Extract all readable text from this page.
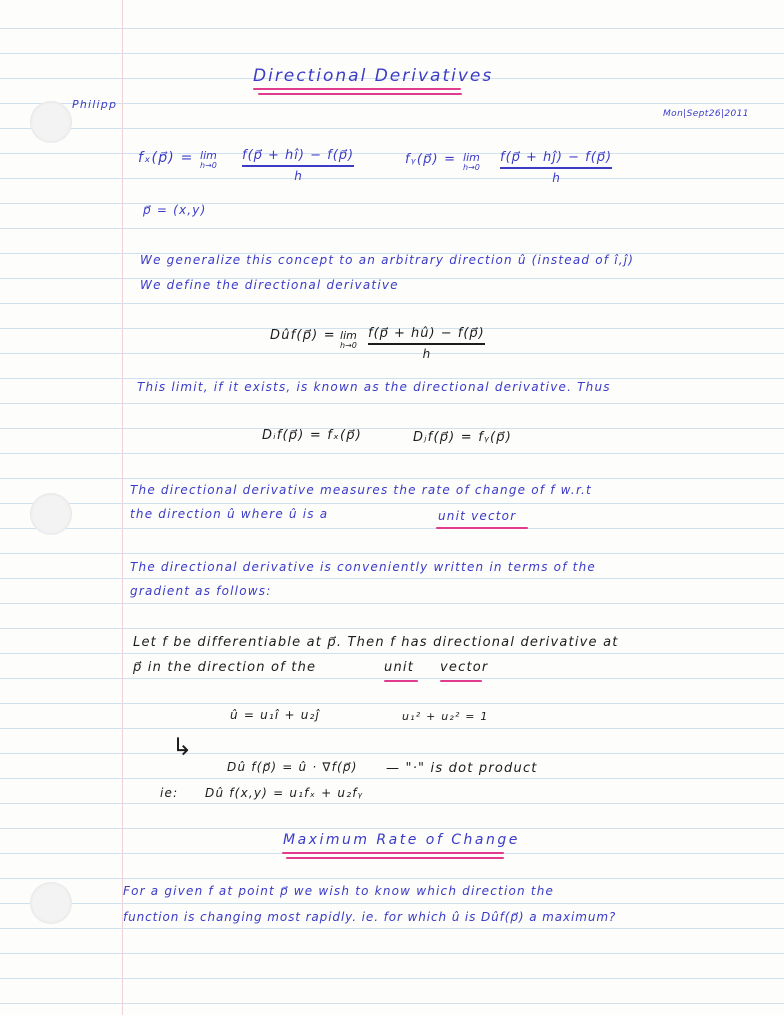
Directional Derivatives
Philipp
Mon|Sept26|2011
fₓ(p⃗) = lim
h→0
f(p⃗ + hî) − f(p⃗)
h
fᵧ(p⃗) = lim
h→0
f(p⃗ + hĵ) − f(p⃗)
h
p⃗ = (x,y)
We generalize this concept to an arbitrary direction û (instead of î,ĵ)
We define the directional derivative
Dûf(p⃗) = lim
h→0
f(p⃗ + hû) − f(p⃗)
h
This limit, if it exists, is known as the directional derivative. Thus
Dᵢf(p⃗) = fₓ(p⃗)	Dⱼf(p⃗) = fᵧ(p⃗)
The directional derivative measures the rate of change of f w.r.t
the direction û where û is a	unit vector
The directional derivative is conveniently written in terms of the
gradient as follows:
Let f be differentiable at p⃗. Then f has directional derivative at
p⃗ in the direction of the	unit vector
û = u₁î + u₂ĵ	u₁² + u₂² = 1
↳
Dû f(p⃗) = û · ∇f(p⃗) — "·" is dot product
ie: Dû f(x,y) = u₁fₓ + u₂fᵧ
Maximum Rate of Change
For a given f at point p⃗ we wish to know which direction the
function is changing most rapidly. ie. for which û is Dûf(p⃗) a maximum?
